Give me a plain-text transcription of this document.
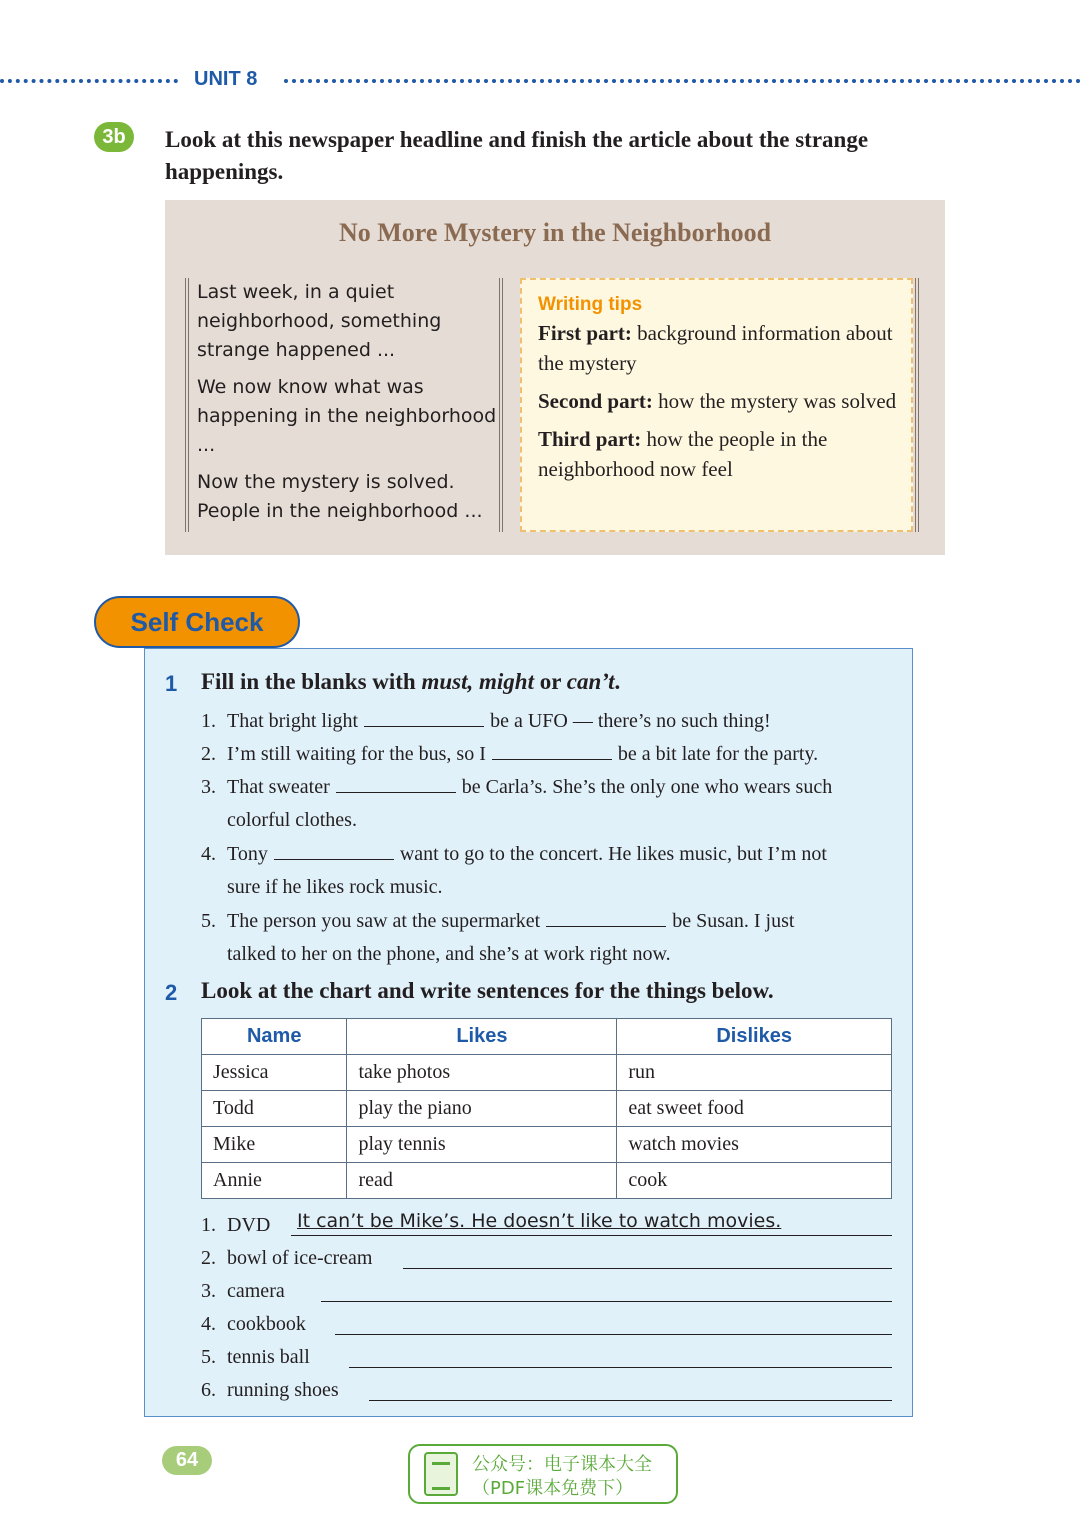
UNIT 8
3b	Look at this newspaper headline and finish the article about the strange happenings.

No More Mystery in the Neighborhood

Last week, in a quiet neighborhood, something strange happened ...

We now know what was happening in the neighborhood ...

Now the mystery is solved. People in the neighborhood ...

Writing tips

First part: background information about the mystery

Second part: how the mystery was solved

Third part: how the people in the neighborhood now feel

1 Fill in the blanks with must, might or can’t.

1. That bright light	be a UFO — there’s no such thing!

2. I’m still waiting for the bus, so I	be a bit late for the party.

3. That sweater	be Carla’s. She’s the only one who wears such

colorful clothes.

4. Tony	want to go to the concert. He likes music, but I’m not

sure if he likes rock music.

5. The person you saw at the supermarket	be Susan. I just

talked to her on the phone, and she’s at work right now.

2 Look at the chart and write sentences for the things below.

Name	Likes	Dislikes
Jessica	take photos	run
Todd	play the piano	eat sweet food
Mike	play tennis	watch movies
Annie	read	cook
1. DVD It can’t be Mike’s. He doesn’t like to watch movies.
2. bowl of ice-cream
3. camera
4. cookbook
5. tennis ball
6. running shoes
Self Check
64	公众号：电子课本大全
（PDF课本免费下）
